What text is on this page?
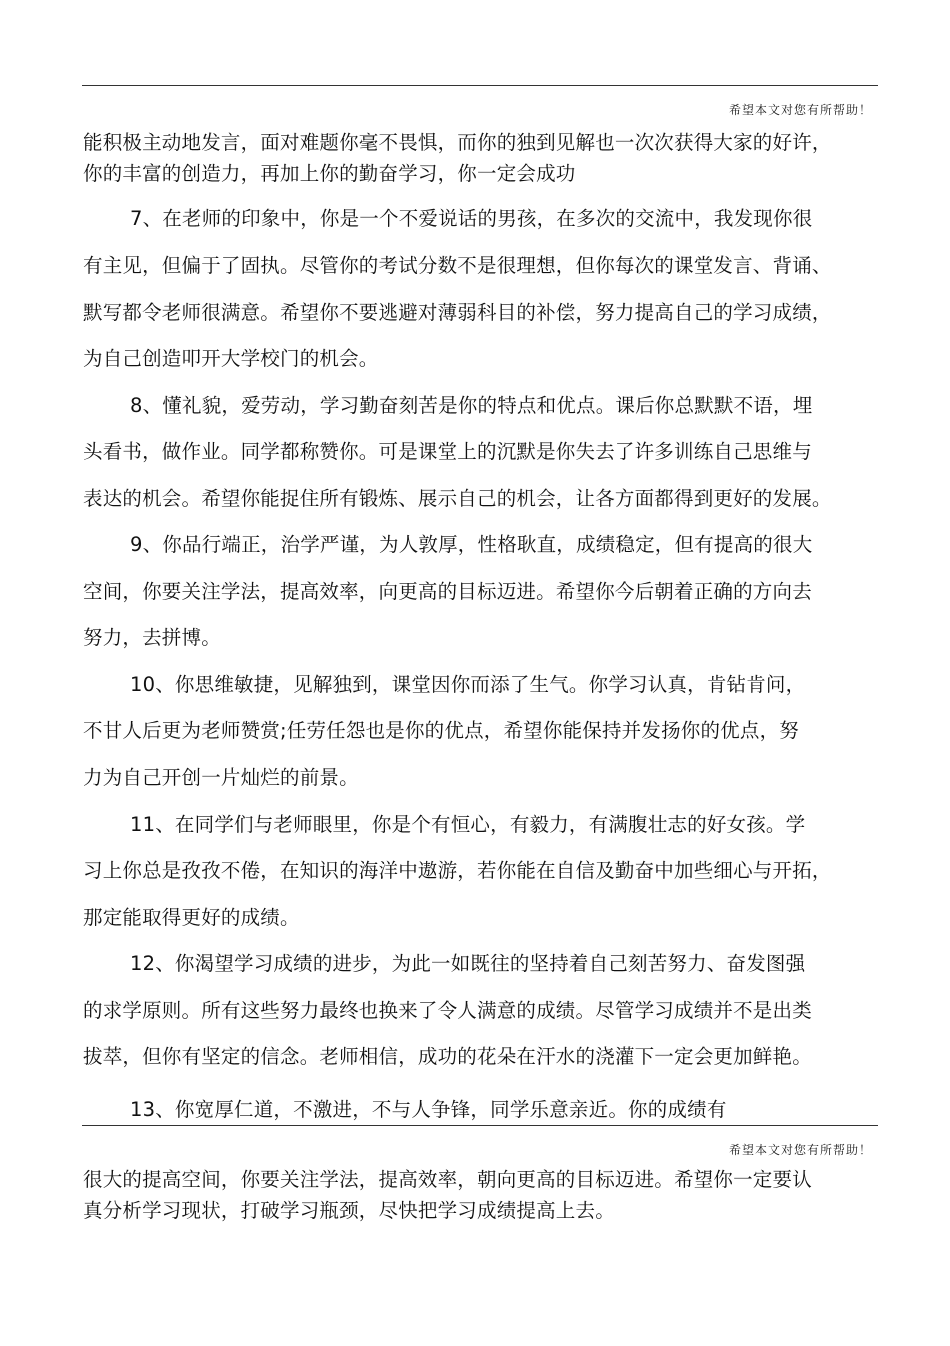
希望本文对您有所帮助！
能积极主动地发言，面对难题你毫不畏惧，而你的独到见解也一次次获得大家的好许，
你的丰富的创造力，再加上你的勤奋学习，你一定会成功
7、在老师的印象中，你是一个不爱说话的男孩，在多次的交流中，我发现你很
有主见，但偏于了固执。尽管你的考试分数不是很理想，但你每次的课堂发言、背诵、
默写都令老师很满意。希望你不要逃避对薄弱科目的补偿，努力提高自己的学习成绩，
为自己创造叩开大学校门的机会。
8、懂礼貌，爱劳动，学习勤奋刻苦是你的特点和优点。课后你总默默不语，埋
头看书，做作业。同学都称赞你。可是课堂上的沉默是你失去了许多训练自己思维与
表达的机会。希望你能捉住所有锻炼、展示自己的机会，让各方面都得到更好的发展。
9、你品行端正，治学严谨，为人敦厚，性格耿直，成绩稳定，但有提高的很大
空间，你要关注学法，提高效率，向更高的目标迈进。希望你今后朝着正确的方向去
努力，去拼博。
10、你思维敏捷，见解独到，课堂因你而添了生气。你学习认真，肯钻肯问，
不甘人后更为老师赞赏;任劳任怨也是你的优点，希望你能保持并发扬你的优点，努
力为自己开创一片灿烂的前景。
11、在同学们与老师眼里，你是个有恒心，有毅力，有满腹壮志的好女孩。学
习上你总是孜孜不倦，在知识的海洋中遨游，若你能在自信及勤奋中加些细心与开拓，
那定能取得更好的成绩。
12、你渴望学习成绩的进步，为此一如既往的坚持着自己刻苦努力、奋发图强
的求学原则。所有这些努力最终也换来了令人满意的成绩。尽管学习成绩并不是出类
拔萃，但你有坚定的信念。老师相信，成功的花朵在汗水的浇灌下一定会更加鲜艳。
13、你宽厚仁道，不激进，不与人争锋，同学乐意亲近。你的成绩有
希望本文对您有所帮助！
很大的提高空间，你要关注学法，提高效率，朝向更高的目标迈进。希望你一定要认
真分析学习现状，打破学习瓶颈，尽快把学习成绩提高上去。
